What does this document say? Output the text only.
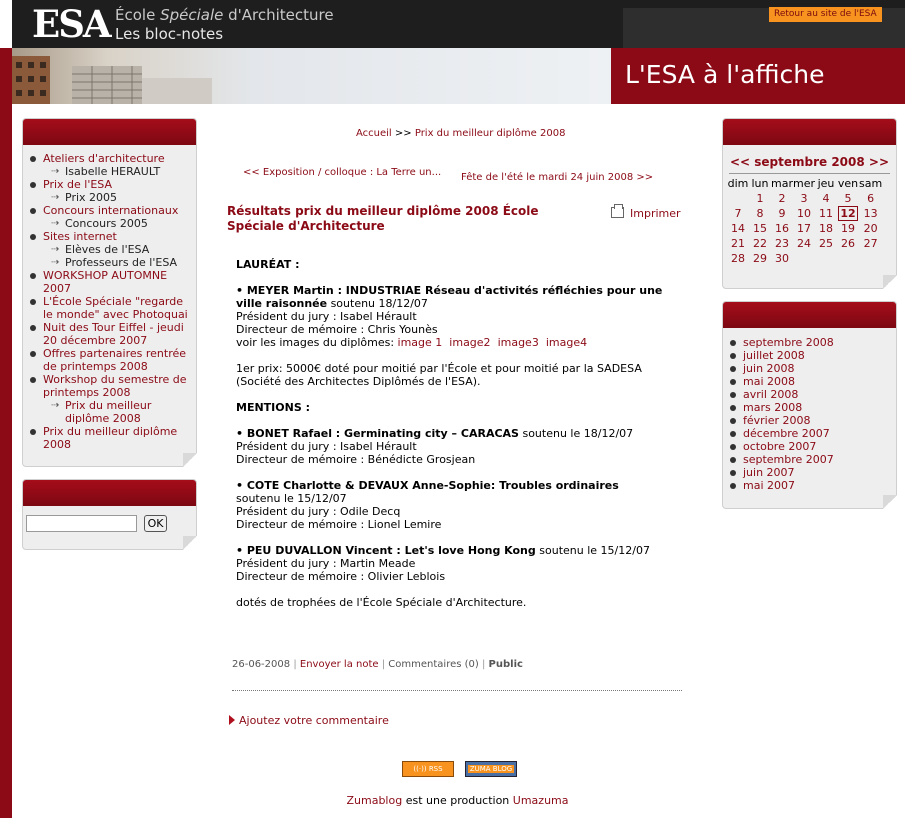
ESA École Spéciale d'Architecture
Les bloc-notes
Retour au site de l'ESA
L'ESA à l'affiche
Ateliers d'architecture
⇢ Isabelle HERAULT
Prix de l'ESA
⇢ Prix 2005
Concours internationaux
⇢ Concours 2005
Sites internet
⇢ Elèves de l'ESA
⇢ Professeurs de l'ESA
WORKSHOP AUTOMNE 2007
L'École Spéciale "regarde le monde" avec Photoquai
Nuit des Tour Eiffel - jeudi 20 décembre 2007
Offres partenaires rentrée de printemps 2008
Workshop du semestre de printemps 2008
⇢ Prix du meilleur diplôme 2008
Prix du meilleur diplôme 2008
OK
Accueil >> Prix du meilleur diplôme 2008
<< Exposition / colloque : La Terre un...	Fête de l'été le mardi 24 juin 2008 >>
Résultats prix du meilleur diplôme 2008 École Spéciale d'Architecture
Imprimer

LAURÉAT :

• MEYER Martin : INDUSTRIAE Réseau d'activités réfléchies pour une ville raisonnée soutenu 18/12/07
Président du jury : Isabel Hérault
Directeur de mémoire : Chris Younès
voir les images du diplômes: image 1 image2 image3 image4

1er prix: 5000€ doté pour moitié par l'École et pour moitié par la SADESA (Société des Architectes Diplômés de l'ESA).

MENTIONS :

• BONET Rafael : Germinating city – CARACAS soutenu le 18/12/07
Président du jury : Isabel Hérault
Directeur de mémoire : Bénédicte Grosjean

• COTE Charlotte & DEVAUX Anne-Sophie: Troubles ordinaires
soutenu le 15/12/07
Président du jury : Odile Decq
Directeur de mémoire : Lionel Lemire

• PEU DUVALLON Vincent : Let's love Hong Kong soutenu le 15/12/07
Président du jury : Martin Meade
Directeur de mémoire : Olivier Leblois

dotés de trophées de l'École Spéciale d'Architecture.

26-06-2008 | Envoyer la note | Commentaires (0) | Public
Ajoutez votre commentaire
<< septembre 2008 >>
dim	lun	mar	mer	jeu	ven	sam
	1	2	3	4	5	6
7	8	9	10	11	12	13
14	15	16	17	18	19	20
21	22	23	24	25	26	27
28	29	30				
septembre 2008
juillet 2008
juin 2008
mai 2008
avril 2008
mars 2008
février 2008
décembre 2007
octobre 2007
septembre 2007
juin 2007
mai 2007
((·)) RSS	ZUMA BLOG
Zumablog est une production Umazuma
